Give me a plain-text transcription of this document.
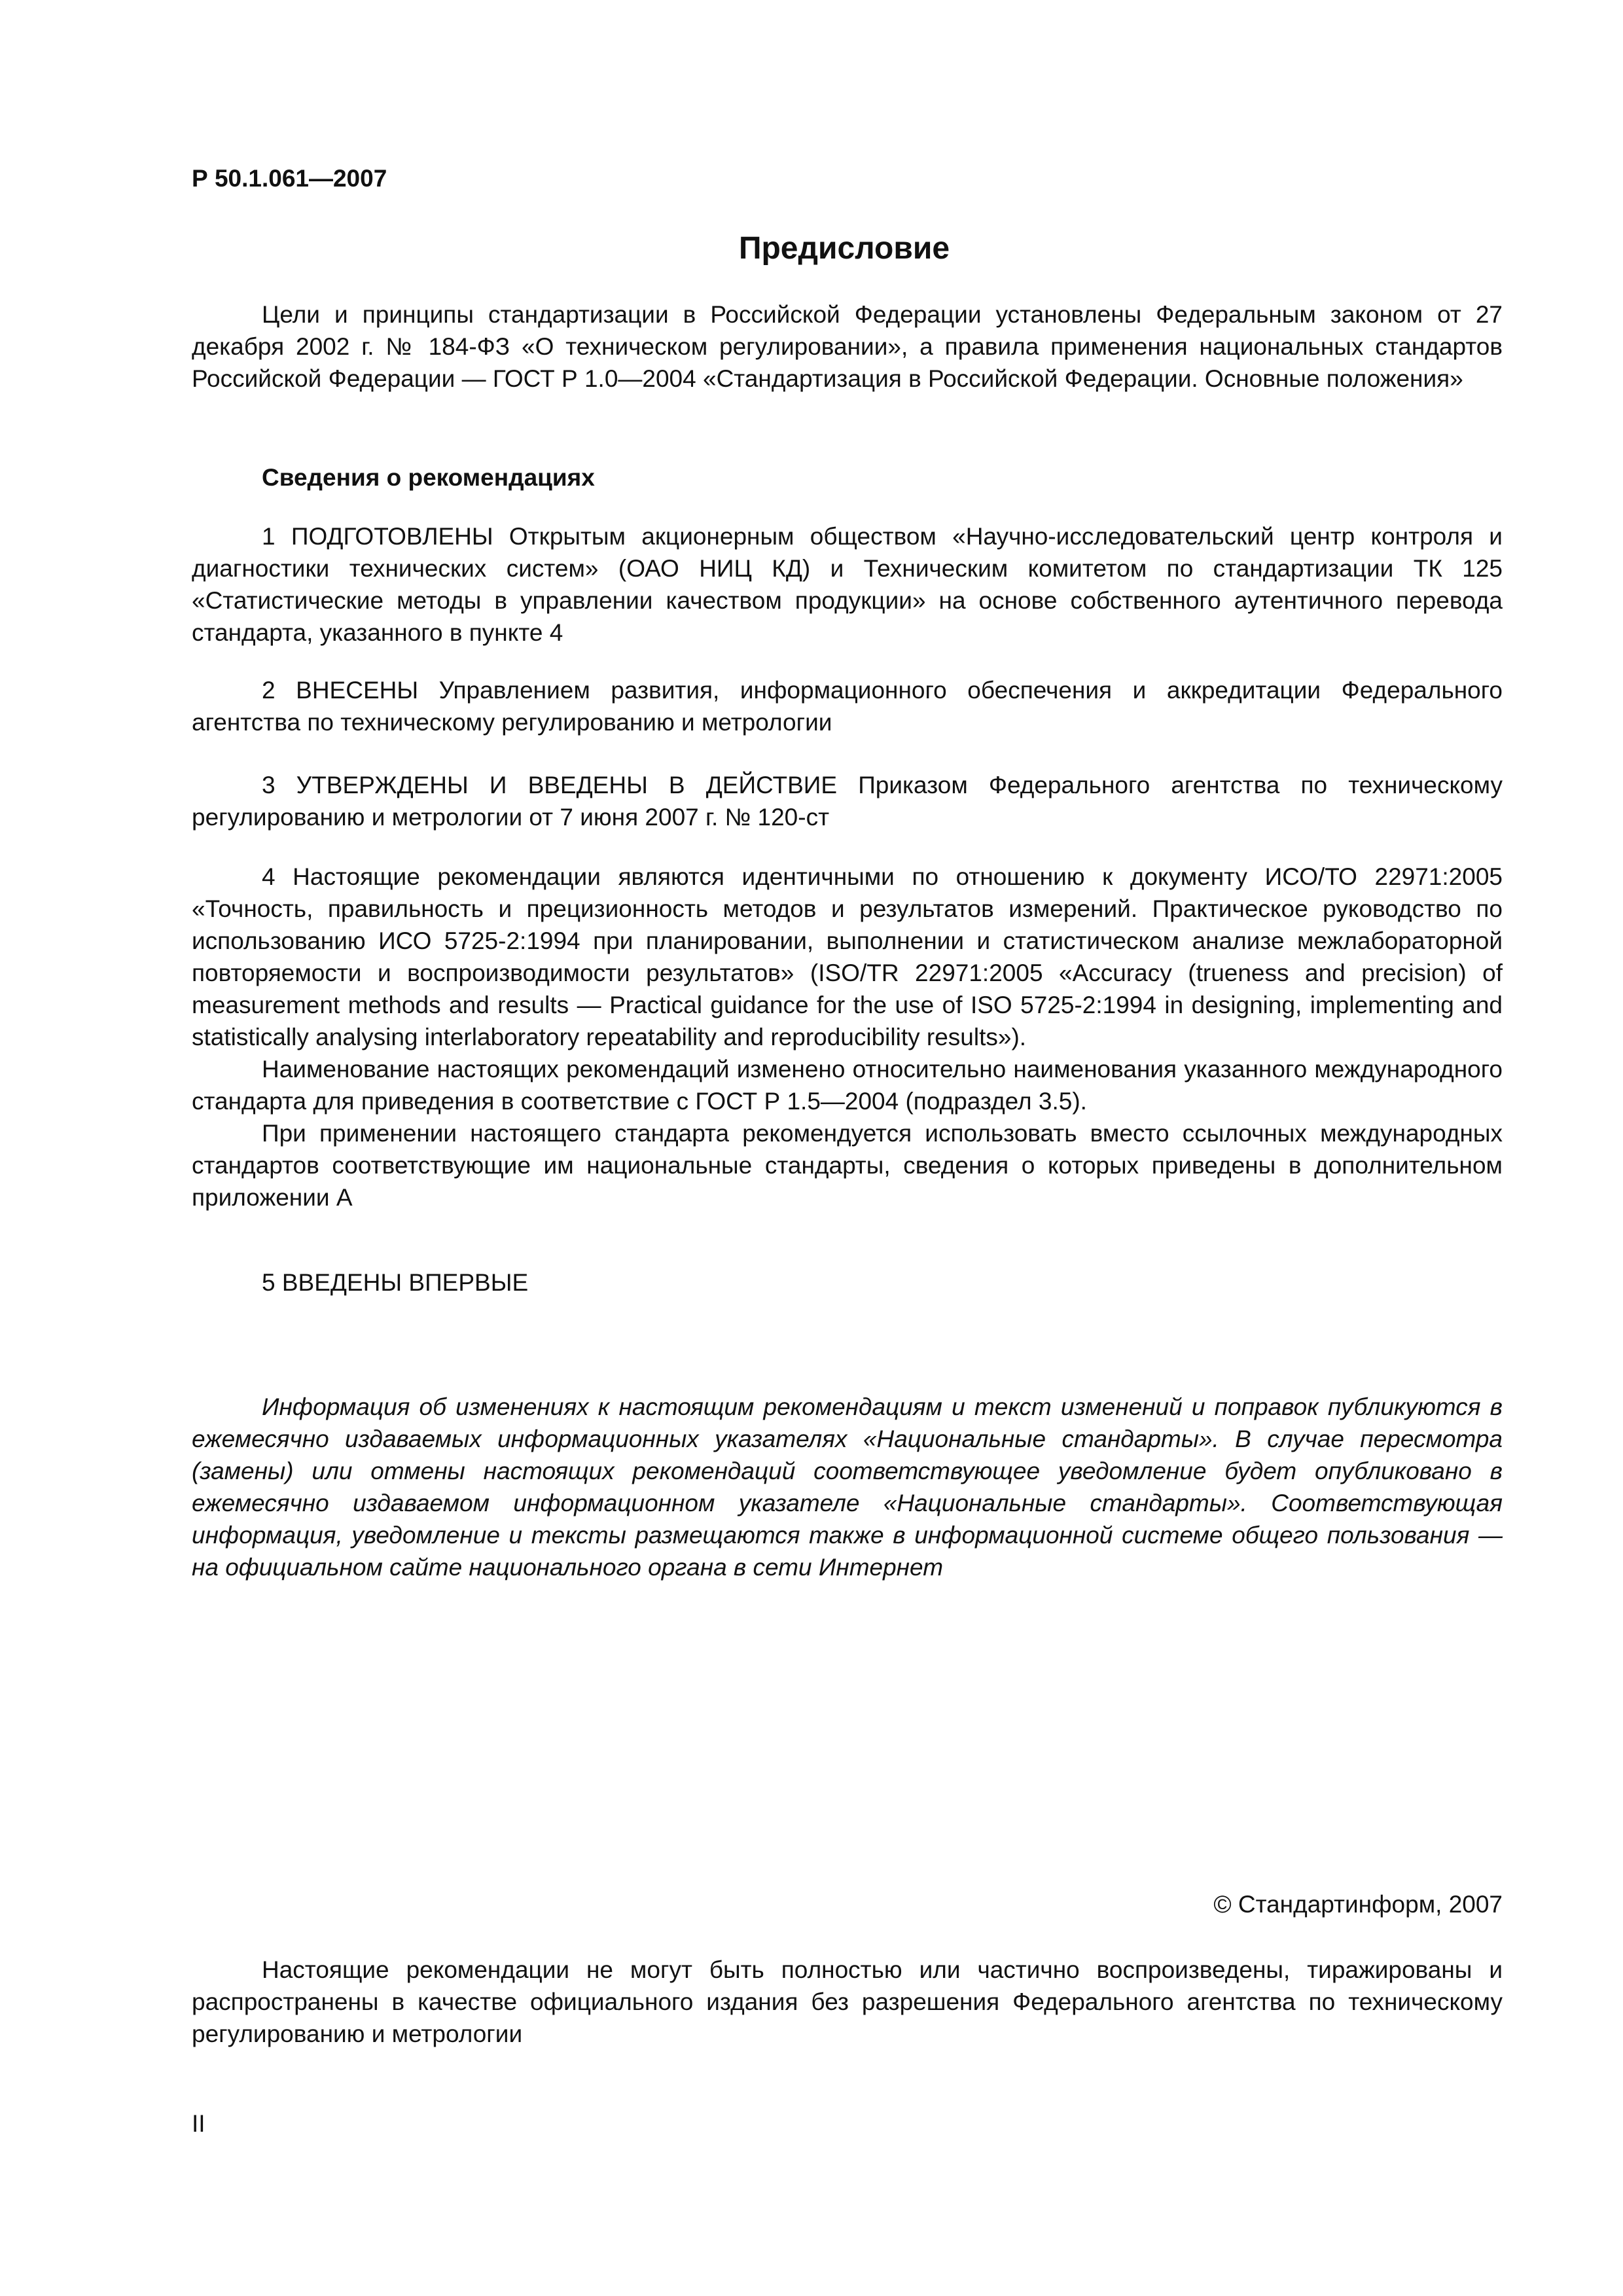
Р 50.1.061—2007
Предисловие

Цели и принципы стандартизации в Российской Федерации установлены Федеральным законом от 27 декабря 2002 г. № 184-ФЗ «О техническом регулировании», а правила применения национальных стандартов Российской Федерации — ГОСТ Р 1.0—2004 «Стандартизация в Российской Федерации. Основные положения»

Сведения о рекомендациях

1 ПОДГОТОВЛЕНЫ Открытым акционерным обществом «Научно-исследовательский центр контроля и диагностики технических систем» (ОАО НИЦ КД) и Техническим комитетом по стандартизации ТК 125 «Статистические методы в управлении качеством продукции» на основе собственного аутентичного перевода стандарта, указанного в пункте 4

2 ВНЕСЕНЫ Управлением развития, информационного обеспечения и аккредитации Федерального агентства по техническому регулированию и метрологии

3 УТВЕРЖДЕНЫ И ВВЕДЕНЫ В ДЕЙСТВИЕ Приказом Федерального агентства по техническому регулированию и метрологии от 7 июня 2007 г. № 120-ст

4 Настоящие рекомендации являются идентичными по отношению к документу ИСО/ТО 22971:2005 «Точность, правильность и прецизионность методов и результатов измерений. Практическое руководство по использованию ИСО 5725-2:1994 при планировании, выполнении и статистическом анализе межлабораторной повторяемости и воспроизводимости результатов» (ISO/TR 22971:2005 «Accuracy (trueness and precision) of measurement methods and results — Practical guidance for the use of ISO 5725-2:1994 in designing, implementing and statistically analysing interlaboratory repeatability and reproducibility results»).

Наименование настоящих рекомендаций изменено относительно наименования указанного международного стандарта для приведения в соответствие с ГОСТ Р 1.5—2004 (подраздел 3.5).

При применении настоящего стандарта рекомендуется использовать вместо ссылочных международных стандартов соответствующие им национальные стандарты, сведения о которых приведены в дополнительном приложении А

5 ВВЕДЕНЫ ВПЕРВЫЕ

Информация об изменениях к настоящим рекомендациям и текст изменений и поправок публикуются в ежемесячно издаваемых информационных указателях «Национальные стандарты». В случае пересмотра (замены) или отмены настоящих рекомендаций соответствующее уведомление будет опубликовано в ежемесячно издаваемом информационном указателе «Национальные стандарты». Соответствующая информация, уведомление и тексты размещаются также в информационной системе общего пользования — на официальном сайте национального органа в сети Интернет

© Стандартинформ, 2007

Настоящие рекомендации не могут быть полностью или частично воспроизведены, тиражированы и распространены в качестве официального издания без разрешения Федерального агентства по техническому регулированию и метрологии

II
